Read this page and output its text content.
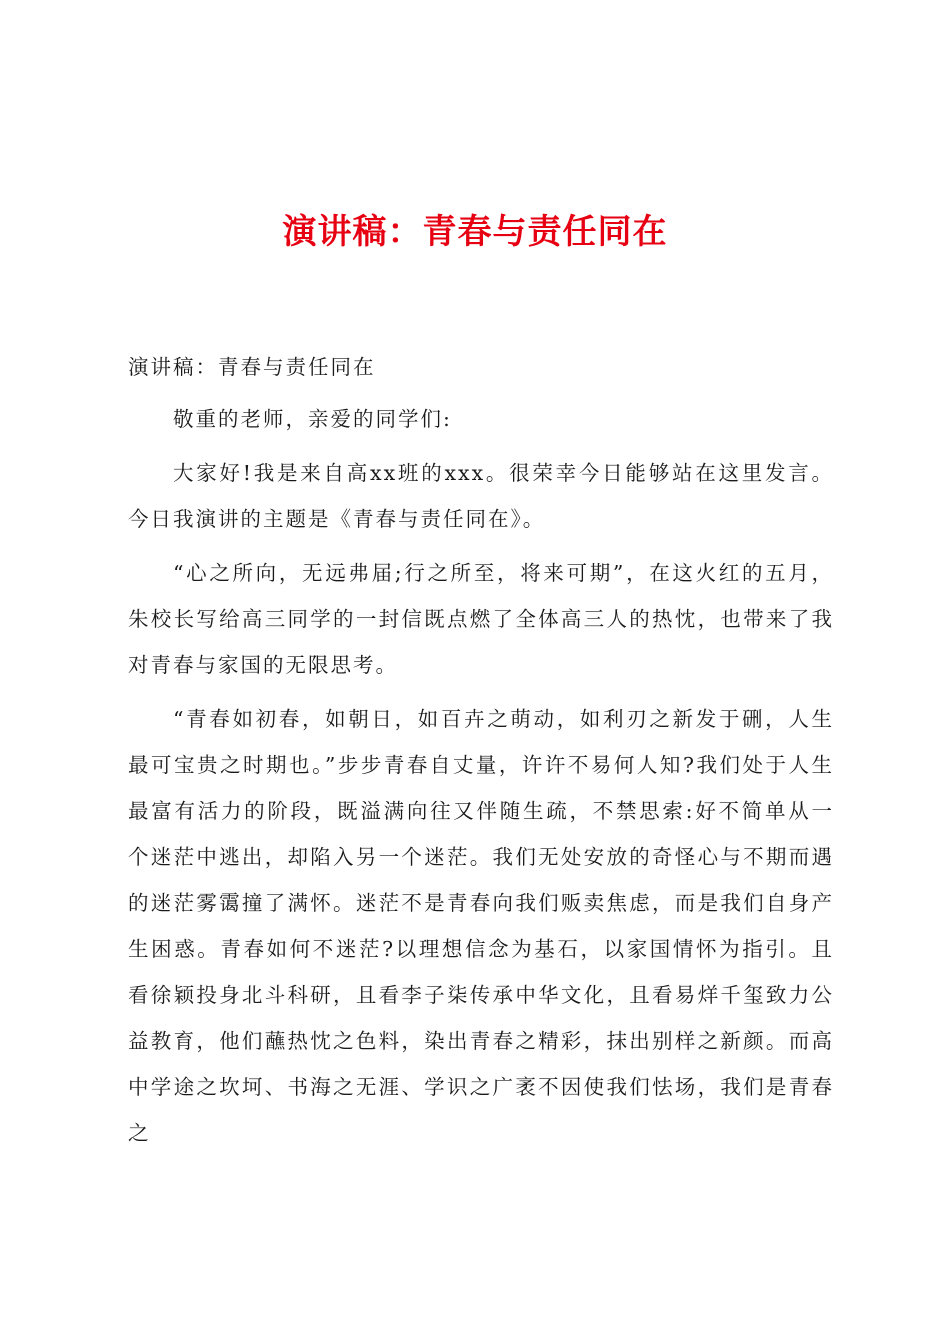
演讲稿：青春与责任同在

演讲稿：青春与责任同在

敬重的老师，亲爱的同学们:

大家好!我是来自高xx班的xxx。很荣幸今日能够站在这里发言。今日我演讲的主题是《青春与责任同在》。

“心之所向，无远弗届;行之所至，将来可期”，在这火红的五月，朱校长写给高三同学的一封信既点燃了全体高三人的热忱，也带来了我对青春与家国的无限思考。

“青春如初春，如朝日，如百卉之萌动，如利刃之新发于硎，人生最可宝贵之时期也。”步步青春自丈量，许许不易何人知?我们处于人生最富有活力的阶段，既溢满向往又伴随生疏，不禁思索:好不简单从一个迷茫中逃出，却陷入另一个迷茫。我们无处安放的奇怪心与不期而遇的迷茫雾霭撞了满怀。迷茫不是青春向我们贩卖焦虑，而是我们自身产生困惑。青春如何不迷茫?以理想信念为基石，以家国情怀为指引。且看徐颖投身北斗科研，且看李子柒传承中华文化，且看易烊千玺致力公益教育，他们蘸热忱之色料，染出青春之精彩，抹出别样之新颜。而高中学途之坎坷、书海之无涯、学识之广袤不因使我们怯场，我们是青春之
